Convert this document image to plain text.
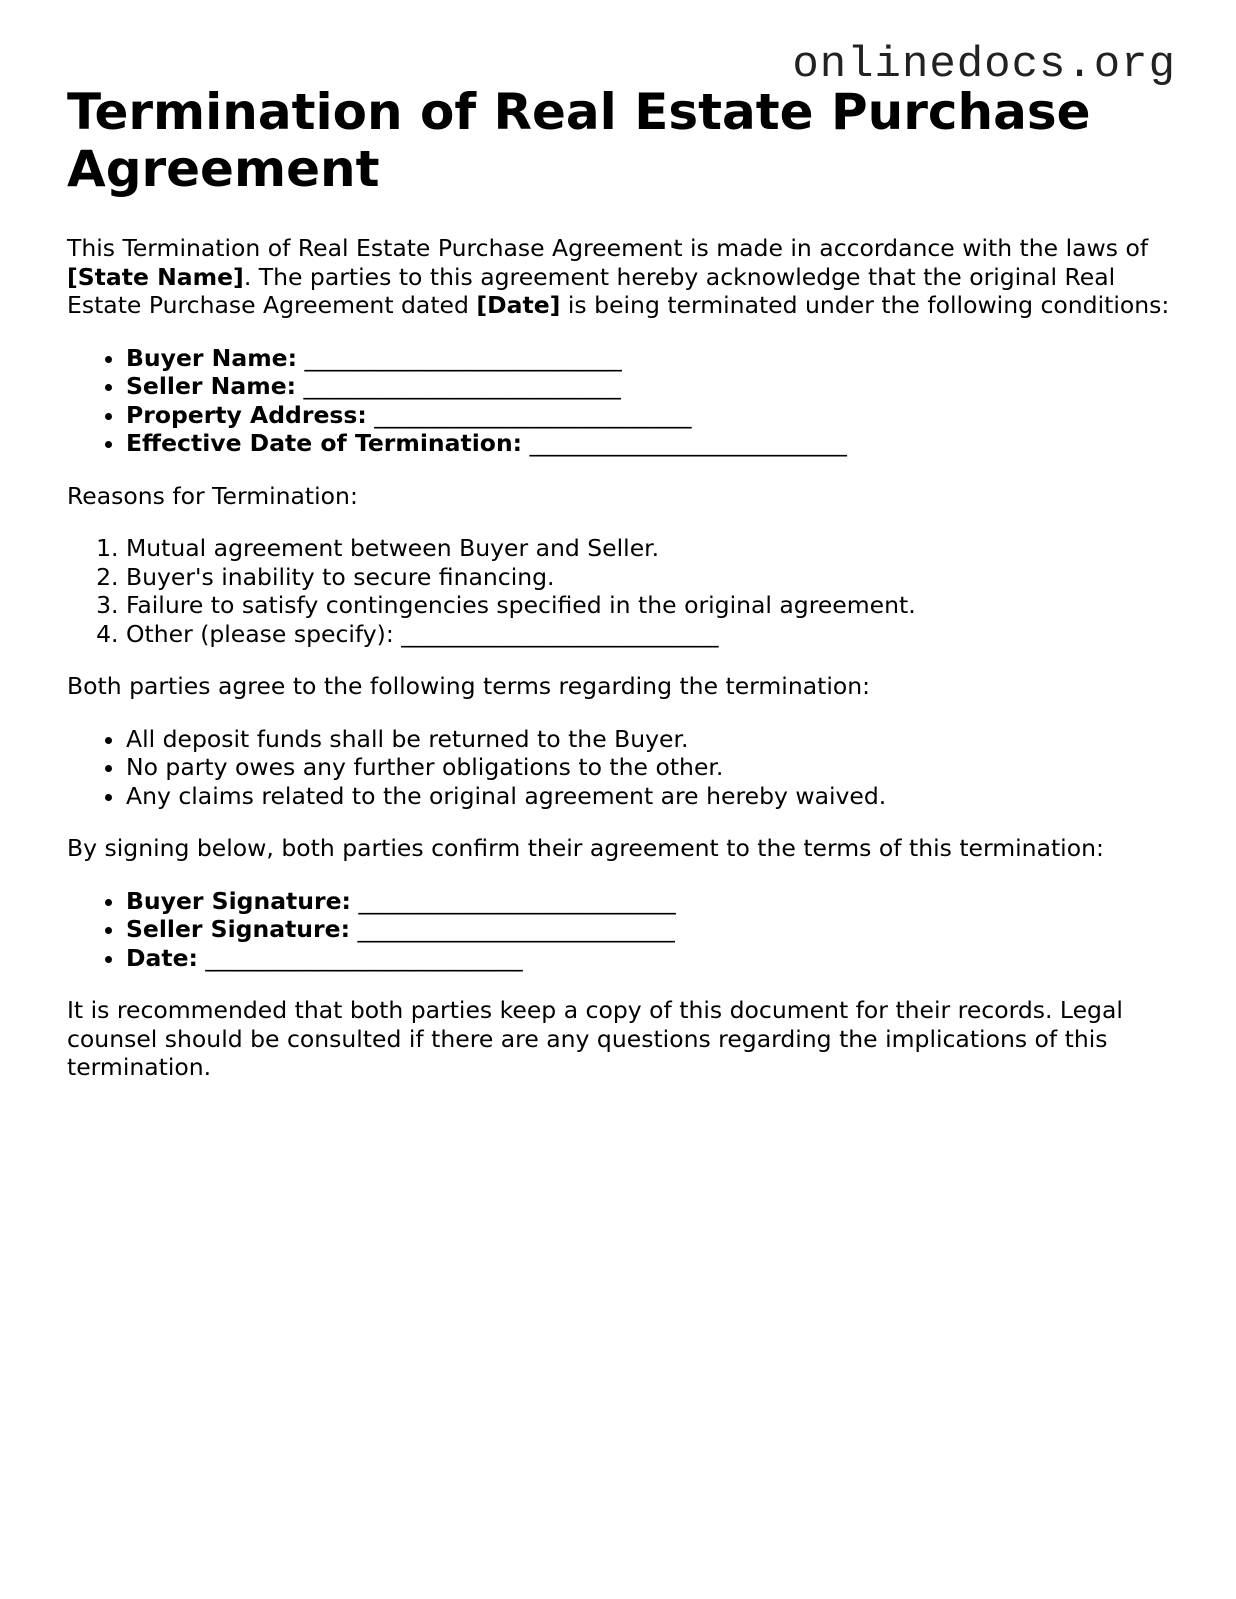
onlinedocs.org
Termination of Real Estate Purchase Agreement

This Termination of Real Estate Purchase Agreement is made in accordance with the laws of [State Name]. The parties to this agreement hereby acknowledge that the original Real Estate Purchase Agreement dated [Date] is being terminated under the following conditions:

• Buyer Name: ___________________________
• Seller Name: ___________________________
• Property Address: ___________________________
• Effective Date of Termination: ___________________________

Reasons for Termination:

1. Mutual agreement between Buyer and Seller.
2. Buyer's inability to secure financing.
3. Failure to satisfy contingencies specified in the original agreement.
4. Other (please specify): ___________________________

Both parties agree to the following terms regarding the termination:

• All deposit funds shall be returned to the Buyer.
• No party owes any further obligations to the other.
• Any claims related to the original agreement are hereby waived.

By signing below, both parties confirm their agreement to the terms of this termination:

• Buyer Signature: ___________________________
• Seller Signature: ___________________________
• Date: ___________________________

It is recommended that both parties keep a copy of this document for their records. Legal counsel should be consulted if there are any questions regarding the implications of this termination.
